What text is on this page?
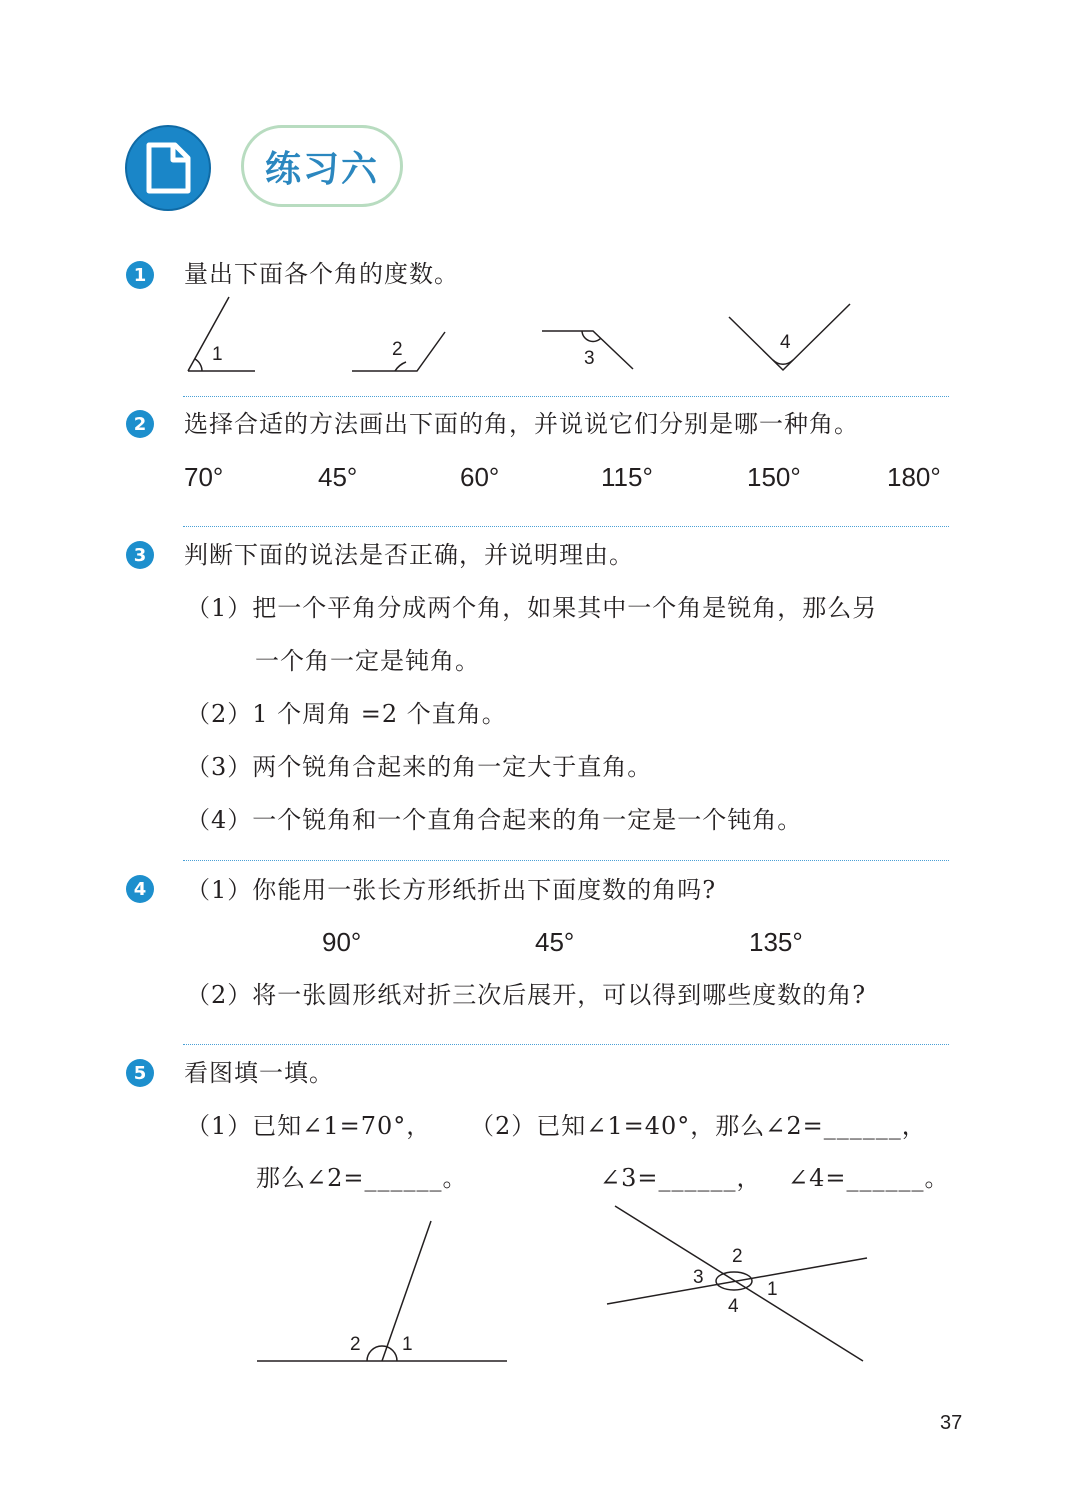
练习六
1	量出下面各个角的度数。
1	2	3
4
2	选择合适的方法画出下面的角，并说说它们分别是哪一种角。
70°	45°	60°	115°	150°	180°
3	判断下面的说法是否正确，并说明理由。
（1）把一个平角分成两个角，如果其中一个角是锐角，那么另
一个角一定是钝角。
（2）1 个周角 =2 个直角。
（3）两个锐角合起来的角一定大于直角。
（4）一个锐角和一个直角合起来的角一定是一个钝角。
4	（1）你能用一张长方形纸折出下面度数的角吗?
90°	45°	135°
（2）将一张圆形纸对折三次后展开，可以得到哪些度数的角?
5	看图填一填。
（1）已知∠1=70°，
那么∠2=______。
（2）已知∠1=40°，那么∠2=______，
∠3=______， ∠4=______。
2 1
2
3
1
4
37
